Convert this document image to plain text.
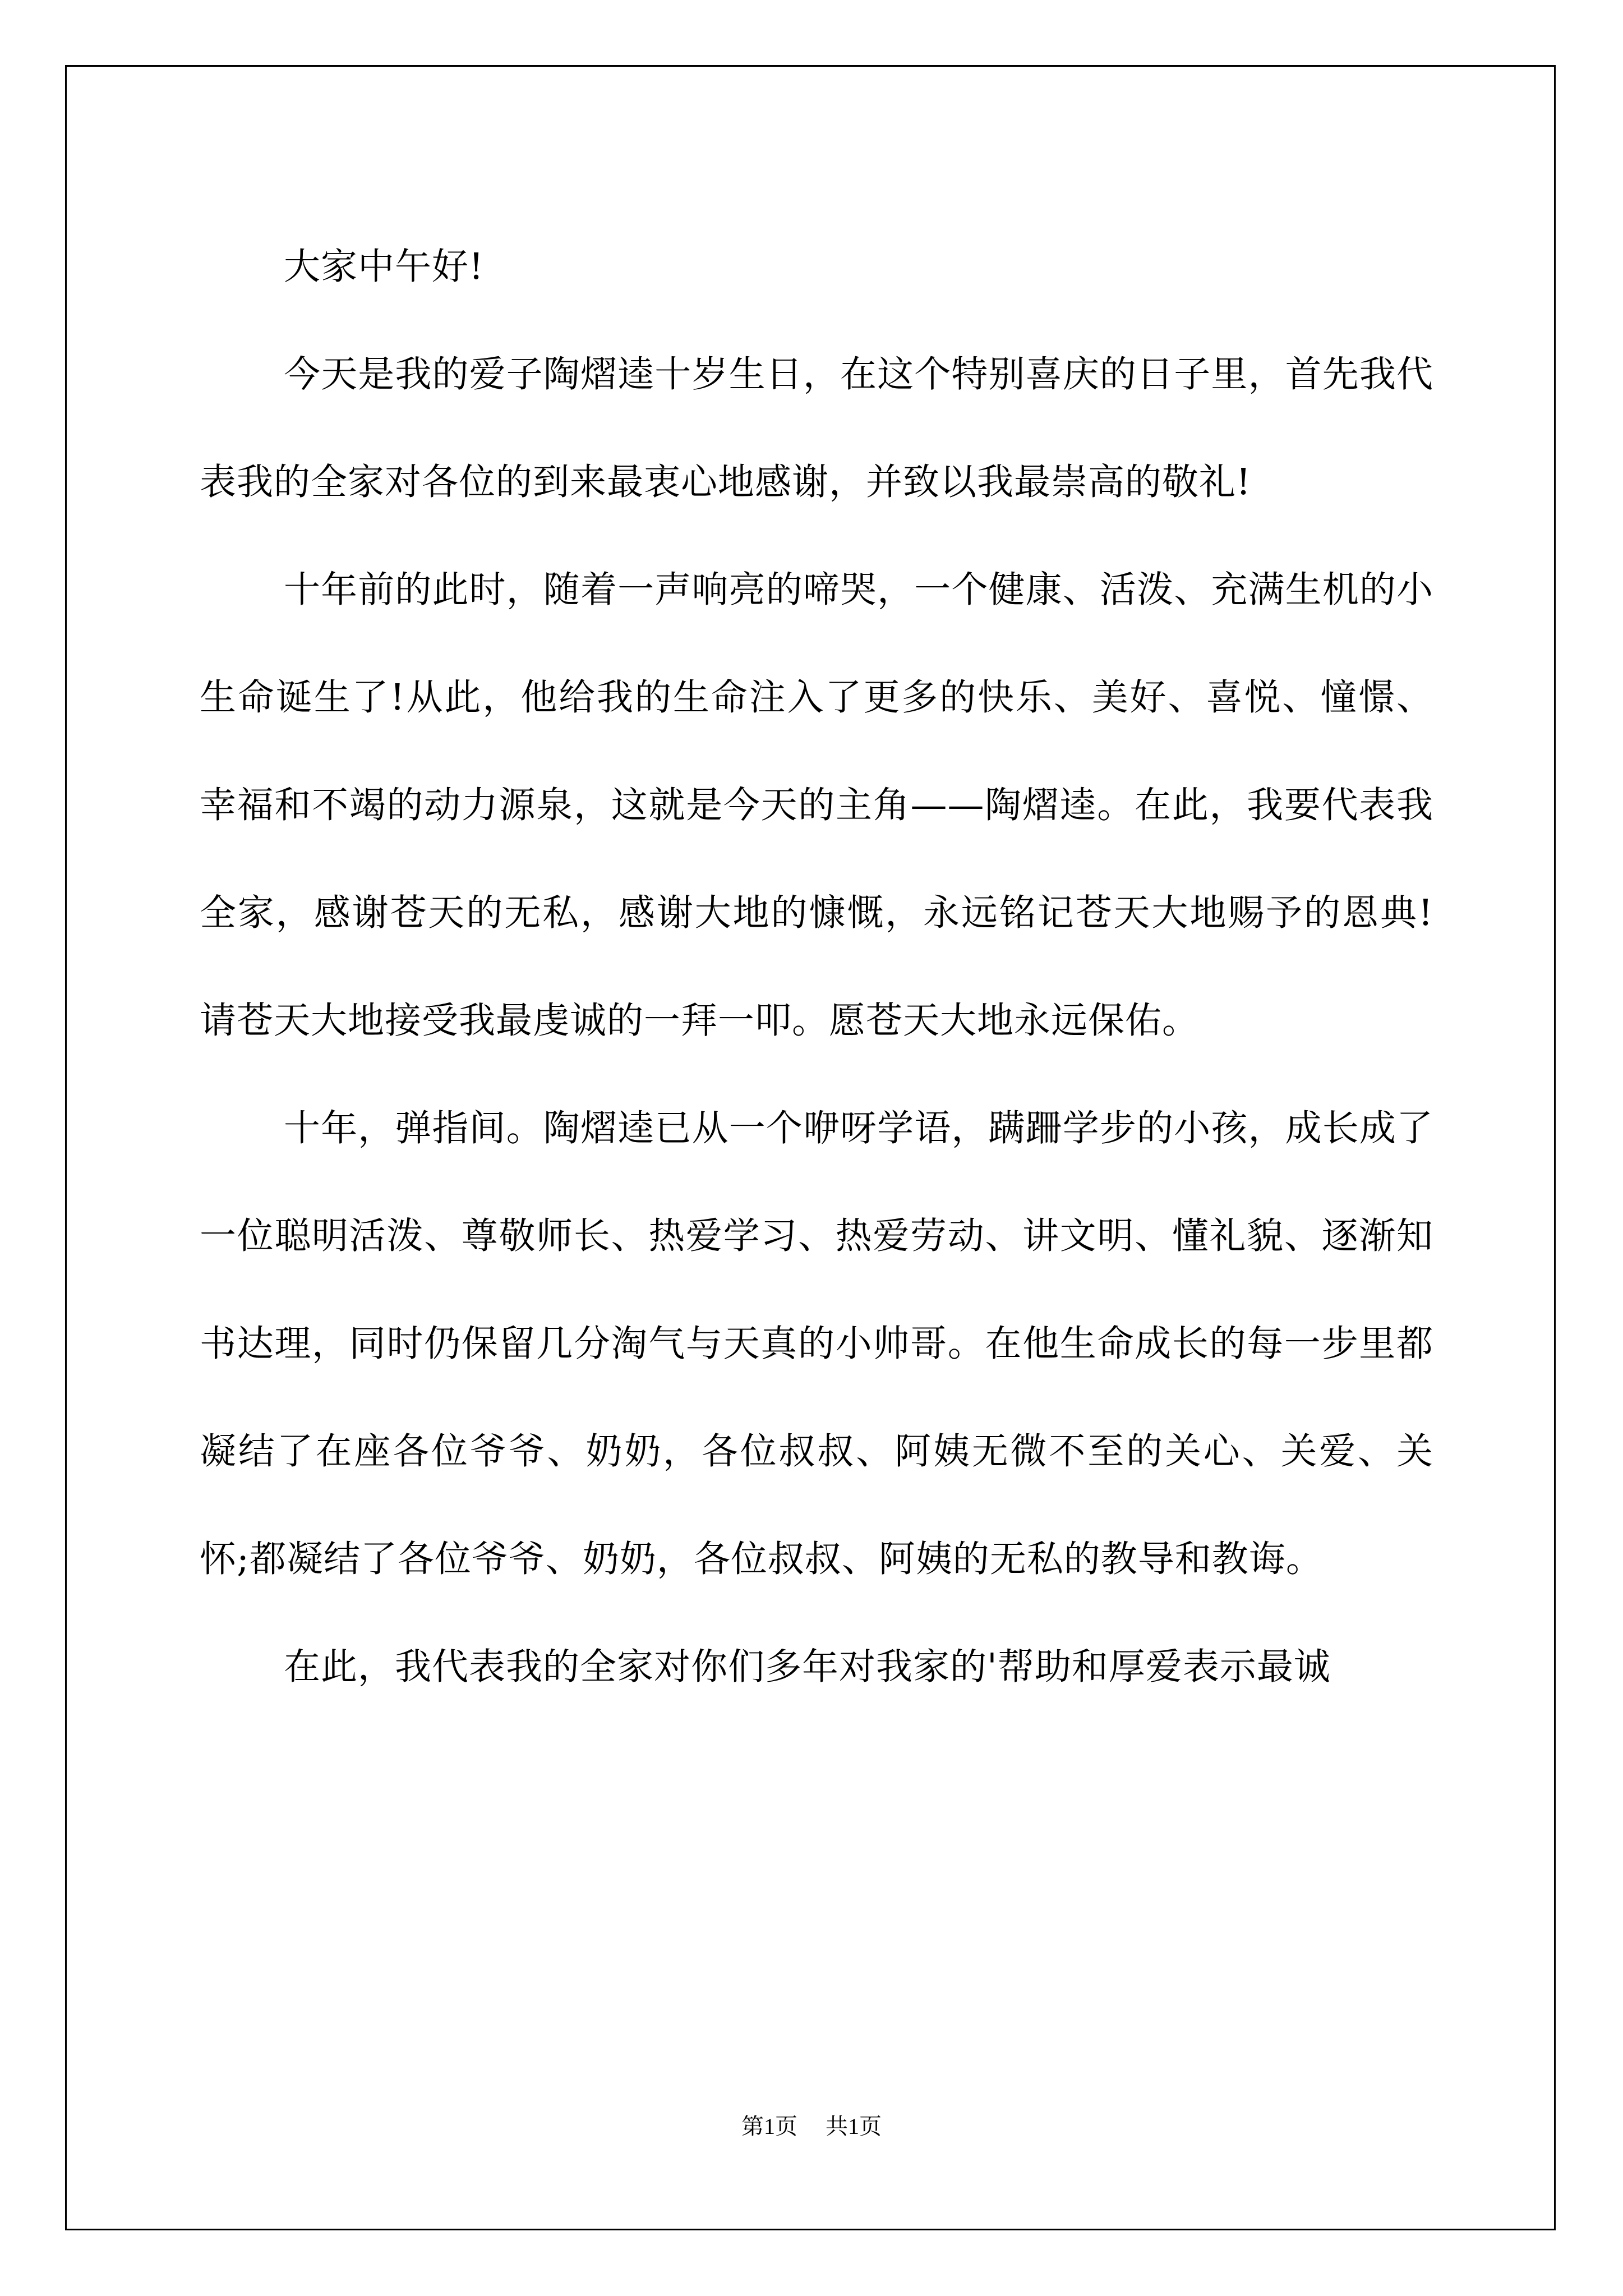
大家中午好!

今天是我的爱子陶熠逵十岁生日，在这个特别喜庆的日子里，首先我代表我的全家对各位的到来最衷心地感谢，并致以我最崇高的敬礼!

十年前的此时，随着一声响亮的啼哭，一个健康、活泼、充满生机的小生命诞生了!从此，他给我的生命注入了更多的快乐、美好、喜悦、憧憬、幸福和不竭的动力源泉，这就是今天的主角——陶熠逵。在此，我要代表我全家，感谢苍天的无私，感谢大地的慷慨，永远铭记苍天大地赐予的恩典!请苍天大地接受我最虔诚的一拜一叩。愿苍天大地永远保佑。

十年，弹指间。陶熠逵已从一个咿呀学语，蹒跚学步的小孩，成长成了一位聪明活泼、尊敬师长、热爱学习、热爱劳动、讲文明、懂礼貌、逐渐知书达理，同时仍保留几分淘气与天真的小帅哥。在他生命成长的每一步里都凝结了在座各位爷爷、奶奶，各位叔叔、阿姨无微不至的关心、关爱、关怀;都凝结了各位爷爷、奶奶，各位叔叔、阿姨的无私的教导和教诲。

在此，我代表我的全家对你们多年对我家的'帮助和厚爱表示最诚

第1页 共1页
